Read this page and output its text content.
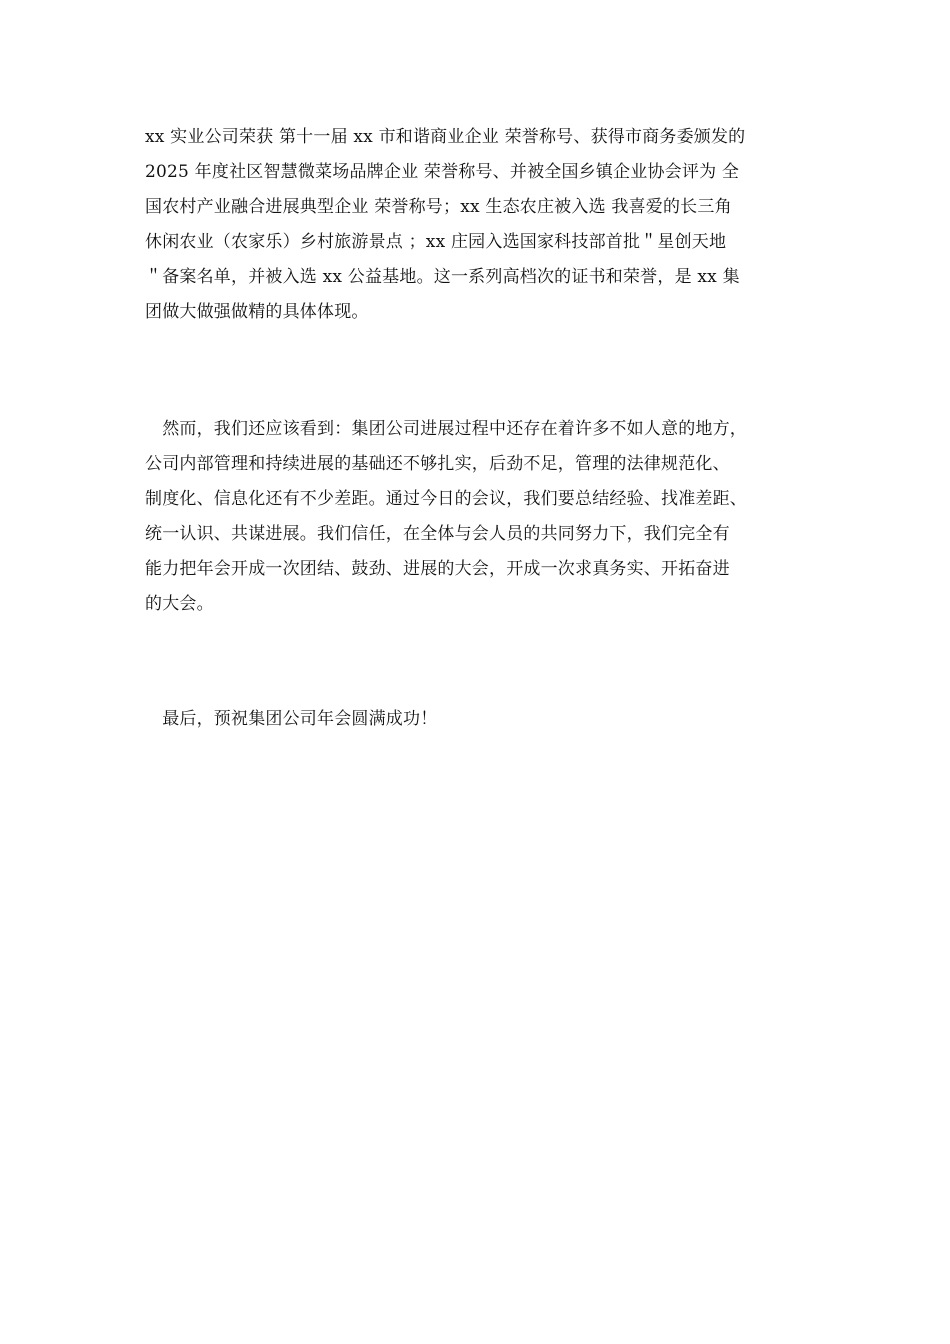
xx 实业公司荣获 第十一届 xx 市和谐商业企业 荣誉称号、获得市商务委颁发的
2025 年度社区智慧微菜场品牌企业 荣誉称号、并被全国乡镇企业协会评为 全
国农村产业融合进展典型企业 荣誉称号；xx 生态农庄被入选 我喜爱的长三角
休闲农业（农家乐）乡村旅游景点 ；xx 庄园入选国家科技部首批＂星创天地
＂备案名单，并被入选 xx 公益基地。这一系列高档次的证书和荣誉，是 xx 集
团做大做强做精的具体体现。
　然而，我们还应该看到：集团公司进展过程中还存在着许多不如人意的地方，
公司内部管理和持续进展的基础还不够扎实，后劲不足，管理的法律规范化、
制度化、信息化还有不少差距。通过今日的会议，我们要总结经验、找准差距、
统一认识、共谋进展。我们信任，在全体与会人员的共同努力下，我们完全有
能力把年会开成一次团结、鼓劲、进展的大会，开成一次求真务实、开拓奋进
的大会。
　最后，预祝集团公司年会圆满成功！
